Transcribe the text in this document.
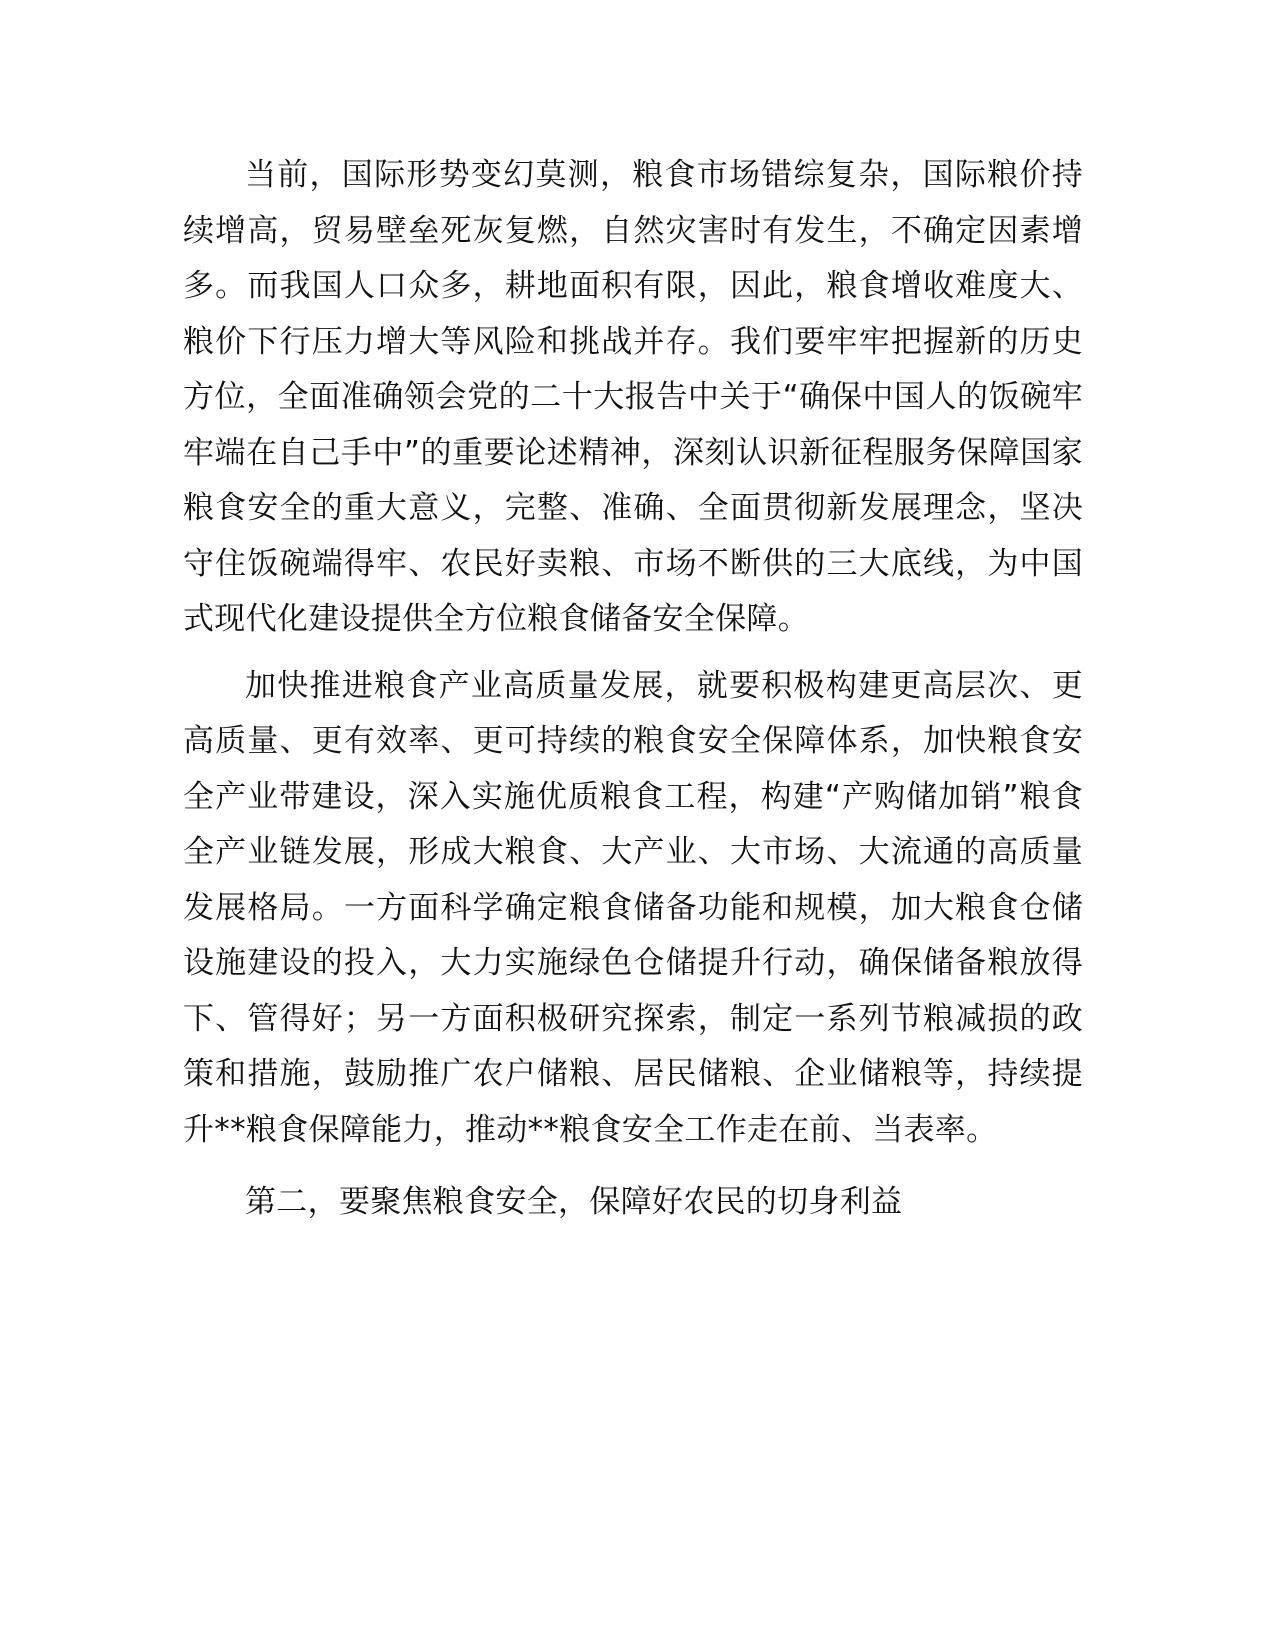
当前，国际形势变幻莫测，粮食市场错综复杂，国际粮价持续增高，贸易壁垒死灰复燃，自然灾害时有发生，不确定因素增多。而我国人口众多，耕地面积有限，因此，粮食增收难度大、粮价下行压力增大等风险和挑战并存。我们要牢牢把握新的历史方位，全面准确领会党的二十大报告中关于“确保中国人的饭碗牢牢端在自己手中”的重要论述精神，深刻认识新征程服务保障国家粮食安全的重大意义，完整、准确、全面贯彻新发展理念，坚决守住饭碗端得牢、农民好卖粮、市场不断供的三大底线，为中国式现代化建设提供全方位粮食储备安全保障。

加快推进粮食产业高质量发展，就要积极构建更高层次、更高质量、更有效率、更可持续的粮食安全保障体系，加快粮食安全产业带建设，深入实施优质粮食工程，构建“产购储加销”粮食全产业链发展，形成大粮食、大产业、大市场、大流通的高质量发展格局。一方面科学确定粮食储备功能和规模，加大粮食仓储设施建设的投入，大力实施绿色仓储提升行动，确保储备粮放得下、管得好；另一方面积极研究探索，制定一系列节粮减损的政策和措施，鼓励推广农户储粮、居民储粮、企业储粮等，持续提升**粮食保障能力，推动**粮食安全工作走在前、当表率。

第二，要聚焦粮食安全，保障好农民的切身利益
